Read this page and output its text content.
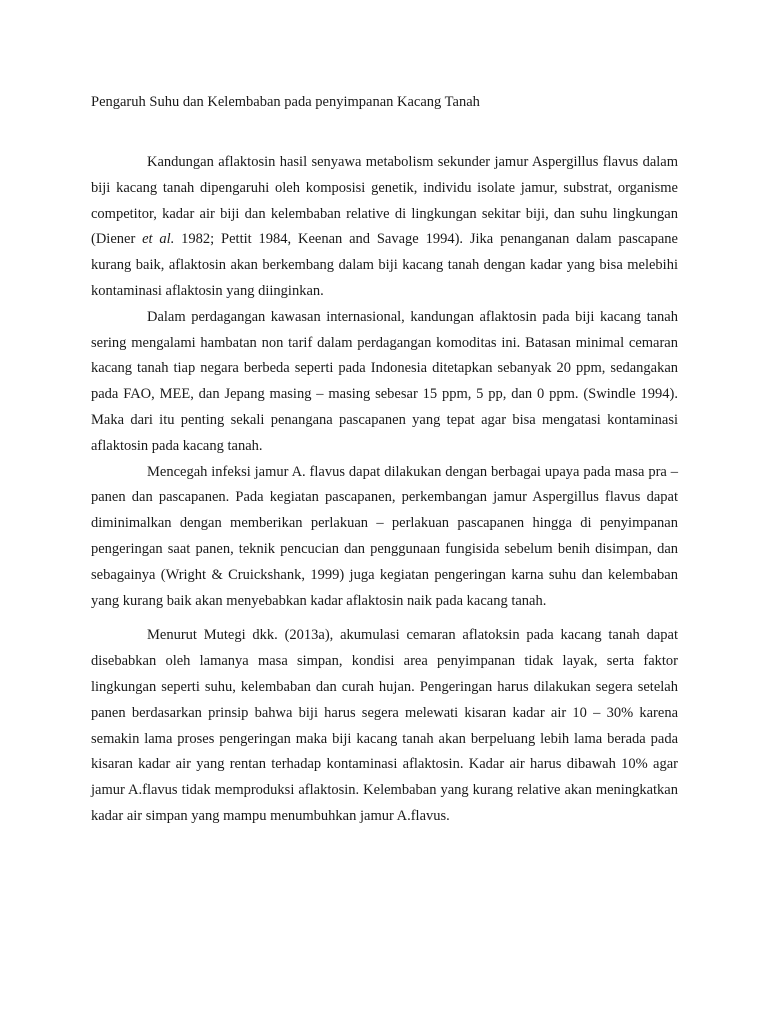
Pengaruh Suhu dan Kelembaban pada penyimpanan Kacang Tanah

Kandungan aflaktosin hasil senyawa metabolism sekunder jamur Aspergillus flavus dalam biji kacang tanah dipengaruhi oleh komposisi genetik, individu isolate jamur, substrat, organisme competitor, kadar air biji dan kelembaban relative di lingkungan sekitar biji, dan suhu lingkungan (Diener et al. 1982; Pettit 1984, Keenan and Savage 1994). Jika penanganan dalam pascapane kurang baik, aflaktosin akan berkembang dalam biji kacang tanah dengan kadar yang bisa melebihi kontaminasi aflaktosin yang diinginkan.

Dalam perdagangan kawasan internasional, kandungan aflaktosin pada biji kacang tanah sering mengalami hambatan non tarif dalam perdagangan komoditas ini. Batasan minimal cemaran kacang tanah tiap negara berbeda seperti pada Indonesia ditetapkan sebanyak 20 ppm, sedangakan pada FAO, MEE, dan Jepang masing – masing sebesar 15 ppm, 5 pp, dan 0 ppm. (Swindle 1994). Maka dari itu penting sekali penangana pascapanen yang tepat agar bisa mengatasi kontaminasi aflaktosin pada kacang tanah.

Mencegah infeksi jamur A. flavus dapat dilakukan dengan berbagai upaya pada masa pra – panen dan pascapanen. Pada kegiatan pascapanen, perkembangan jamur Aspergillus flavus dapat diminimalkan dengan memberikan perlakuan – perlakuan pascapanen hingga di penyimpanan pengeringan saat panen, teknik pencucian dan penggunaan fungisida sebelum benih disimpan, dan sebagainya (Wright & Cruickshank, 1999) juga kegiatan pengeringan karna suhu dan kelembaban yang kurang baik akan menyebabkan kadar aflaktosin naik pada kacang tanah.

Menurut Mutegi dkk. (2013a), akumulasi cemaran aflatoksin pada kacang tanah dapat disebabkan oleh lamanya masa simpan, kondisi area penyimpanan tidak layak, serta faktor lingkungan seperti suhu, kelembaban dan curah hujan. Pengeringan harus dilakukan segera setelah panen berdasarkan prinsip bahwa biji harus segera melewati kisaran kadar air 10 – 30% karena semakin lama proses pengeringan maka biji kacang tanah akan berpeluang lebih lama berada pada kisaran kadar air yang rentan terhadap kontaminasi aflaktosin. Kadar air harus dibawah 10% agar jamur A.flavus tidak memproduksi aflaktosin. Kelembaban yang kurang relative akan meningkatkan kadar air simpan yang mampu menumbuhkan jamur A.flavus.
